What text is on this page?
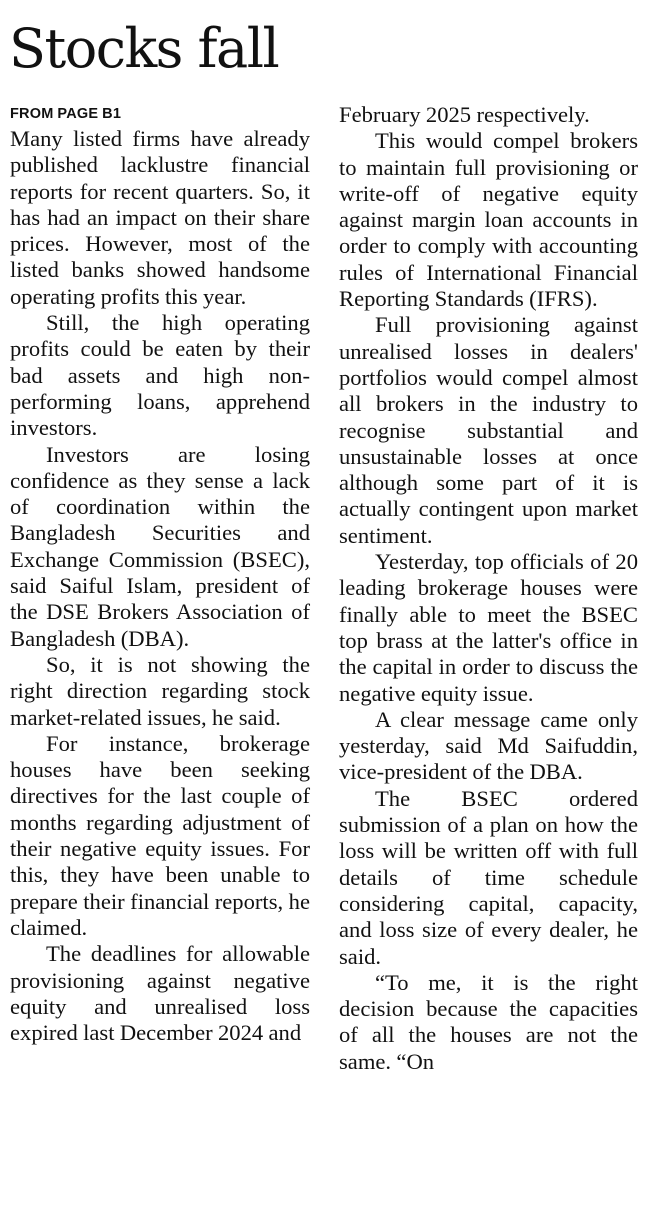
Stocks fall
FROM PAGE B1

Many listed firms have already published lacklustre financial reports for recent quarters. So, it has had an impact on their share prices. However, most of the listed banks showed handsome operating profits this year.

Still, the high operating profits could be eaten by their bad assets and high non-performing loans, apprehend investors.

Investors are losing confidence as they sense a lack of coordination within the Bangladesh Securities and Exchange Commission (BSEC), said Saiful Islam, president of the DSE Brokers Association of Bangladesh (DBA).

So, it is not showing the right direction regarding stock market-related issues, he said.

For instance, brokerage houses have been seeking directives for the last couple of months regarding adjustment of their negative equity issues. For this, they have been unable to prepare their financial reports, he claimed.

The deadlines for allowable provisioning against negative equity and unrealised loss expired last December 2024 and

February 2025 respectively.

This would compel brokers to maintain full provisioning or write-off of negative equity against margin loan accounts in order to comply with accounting rules of International Financial Reporting Standards (IFRS).

Full provisioning against unrealised losses in dealers' portfolios would compel almost all brokers in the industry to recognise substantial and unsustainable losses at once although some part of it is actually contingent upon market sentiment.

Yesterday, top officials of 20 leading brokerage houses were finally able to meet the BSEC top brass at the latter's office in the capital in order to discuss the negative equity issue.

A clear message came only yesterday, said Md Saifuddin, vice-president of the DBA.

The BSEC ordered submission of a plan on how the loss will be written off with full details of time schedule considering capital, capacity, and loss size of every dealer, he said.

“To me, it is the right decision because the capacities of all the houses are not the same. “On
